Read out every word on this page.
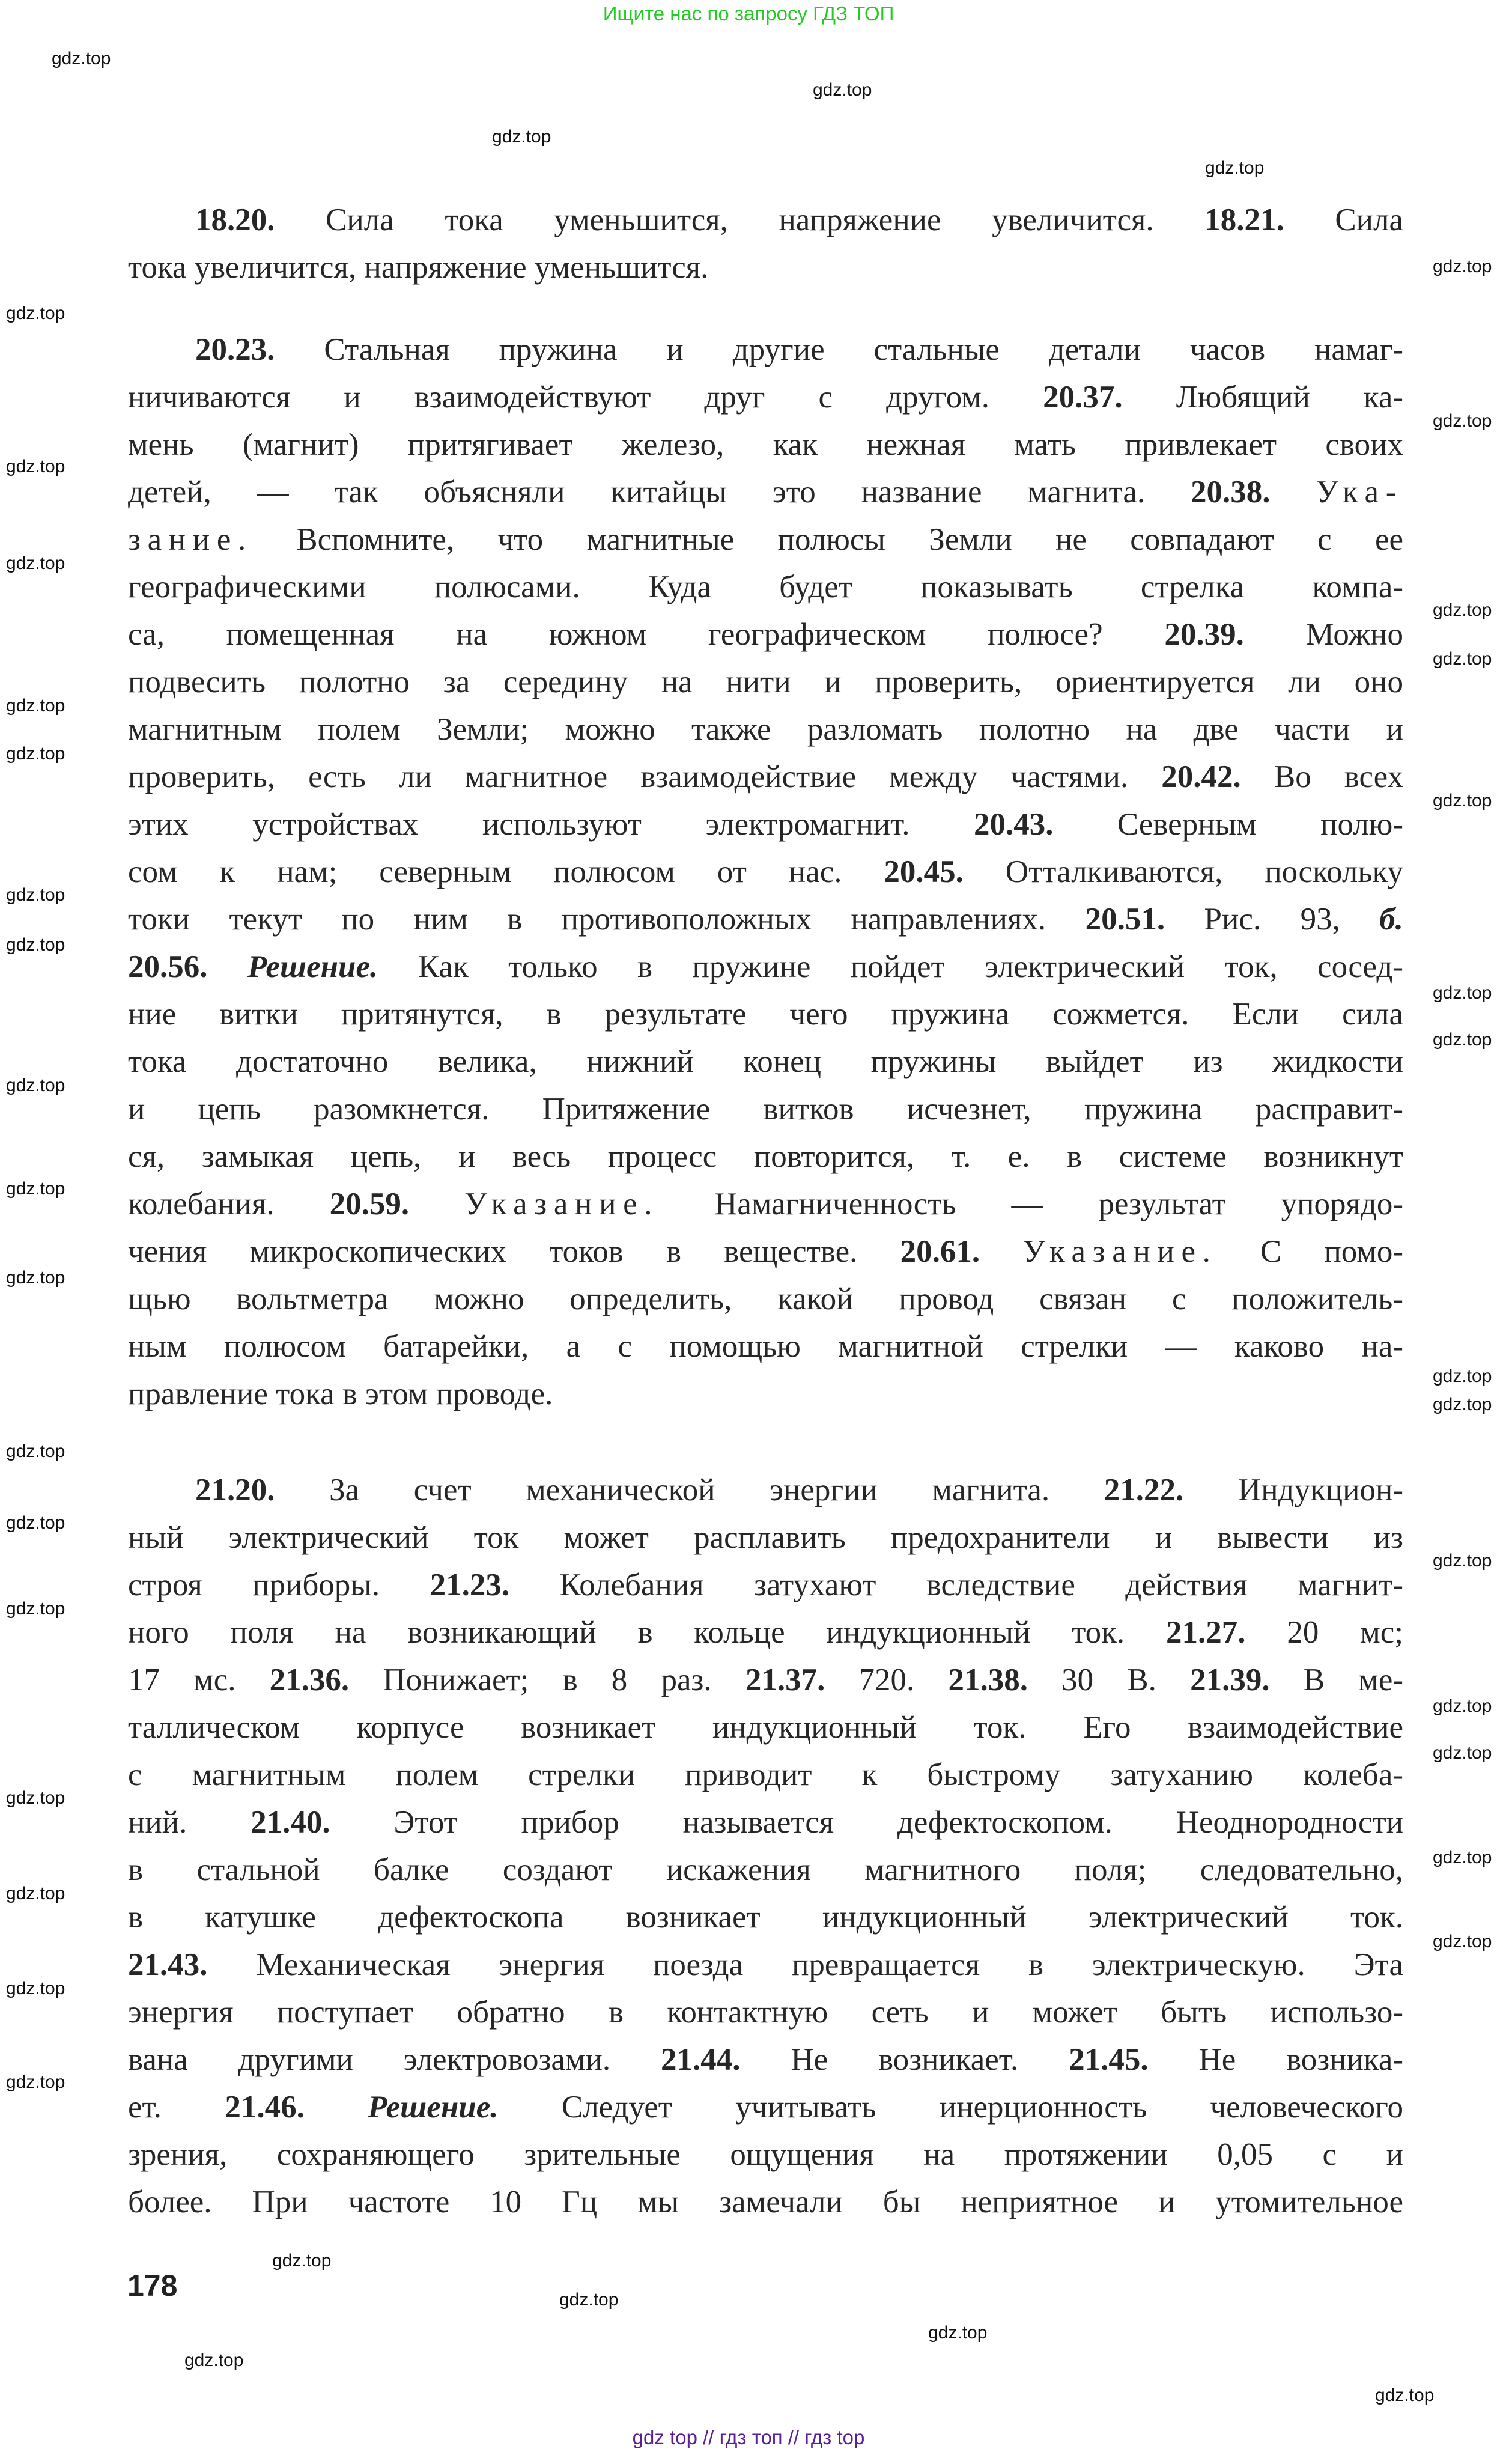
Ищите нас по запросу ГДЗ ТОП
18.20. Сила тока уменьшится, напряжение увеличится. 18.21. Сила
тока увеличится, напряжение уменьшится.
20.23. Стальная пружина и другие стальные детали часов намаг-
ничиваются и взаимодействуют друг с другом. 20.37. Любящий ка-
мень (магнит) притягивает железо, как нежная мать привлекает своих
детей, — так объясняли китайцы это название магнита. 20.38. Ука-
зание. Вспомните, что магнитные полюсы Земли не совпадают с ее
географическими полюсами. Куда будет показывать стрелка компа-
са, помещенная на южном географическом полюсе? 20.39. Можно
подвесить полотно за середину на нити и проверить, ориентируется ли оно
магнитным полем Земли; можно также разломать полотно на две части и
проверить, есть ли магнитное взаимодействие между частями. 20.42. Во всех
этих устройствах используют электромагнит. 20.43. Северным полю-
сом к нам; северным полюсом от нас. 20.45. Отталкиваются, поскольку
токи текут по ним в противоположных направлениях. 20.51. Рис. 93, б.
20.56. Решение. Как только в пружине пойдет электрический ток, сосед-
ние витки притянутся, в результате чего пружина сожмется. Если сила
тока достаточно велика, нижний конец пружины выйдет из жидкости
и цепь разомкнется. Притяжение витков исчезнет, пружина расправит-
ся, замыкая цепь, и весь процесс повторится, т. е. в системе возникнут
колебания. 20.59. Указание. Намагниченность — результат упорядо-
чения микроскопических токов в веществе. 20.61. Указание. С помо-
щью вольтметра можно определить, какой провод связан с положитель-
ным полюсом батарейки, а с помощью магнитной стрелки — каково на-
правление тока в этом проводе.
21.20. За счет механической энергии магнита. 21.22. Индукцион-
ный электрический ток может расплавить предохранители и вывести из
строя приборы. 21.23. Колебания затухают вследствие действия магнит-
ного поля на возникающий в кольце индукционный ток. 21.27. 20 мс;
17 мс. 21.36. Понижает; в 8 раз. 21.37. 720. 21.38. 30 В. 21.39. В ме-
таллическом корпусе возникает индукционный ток. Его взаимодействие
с магнитным полем стрелки приводит к быстрому затуханию колеба-
ний. 21.40. Этот прибор называется дефектоскопом. Неоднородности
в стальной балке создают искажения магнитного поля; следовательно,
в катушке дефектоскопа возникает индукционный электрический ток.
21.43. Механическая энергия поезда превращается в электрическую. Эта
энергия поступает обратно в контактную сеть и может быть использо-
вана другими электровозами. 21.44. Не возникает. 21.45. Не возника-
ет. 21.46. Решение. Следует учитывать инерционность человеческого
зрения, сохраняющего зрительные ощущения на протяжении 0,05 с и
более. При частоте 10 Гц мы замечали бы неприятное и утомительное
178
gdz.top
gdz.top
gdz.top
gdz.top
gdz.top
gdz.top
gdz.top
gdz.top
gdz.top
gdz.top
gdz.top
gdz.top
gdz.top
gdz.top
gdz.top
gdz.top
gdz.top
gdz.top
gdz.top
gdz.top
gdz.top
gdz.top
gdz.top
gdz.top
gdz.top
gdz.top
gdz.top
gdz.top
gdz.top
gdz.top
gdz.top
gdz.top
gdz.top
gdz.top
gdz.top
gdz.top
gdz.top
gdz.top
gdz.top
gdz.top
gdz top // гдз топ // гдз top
